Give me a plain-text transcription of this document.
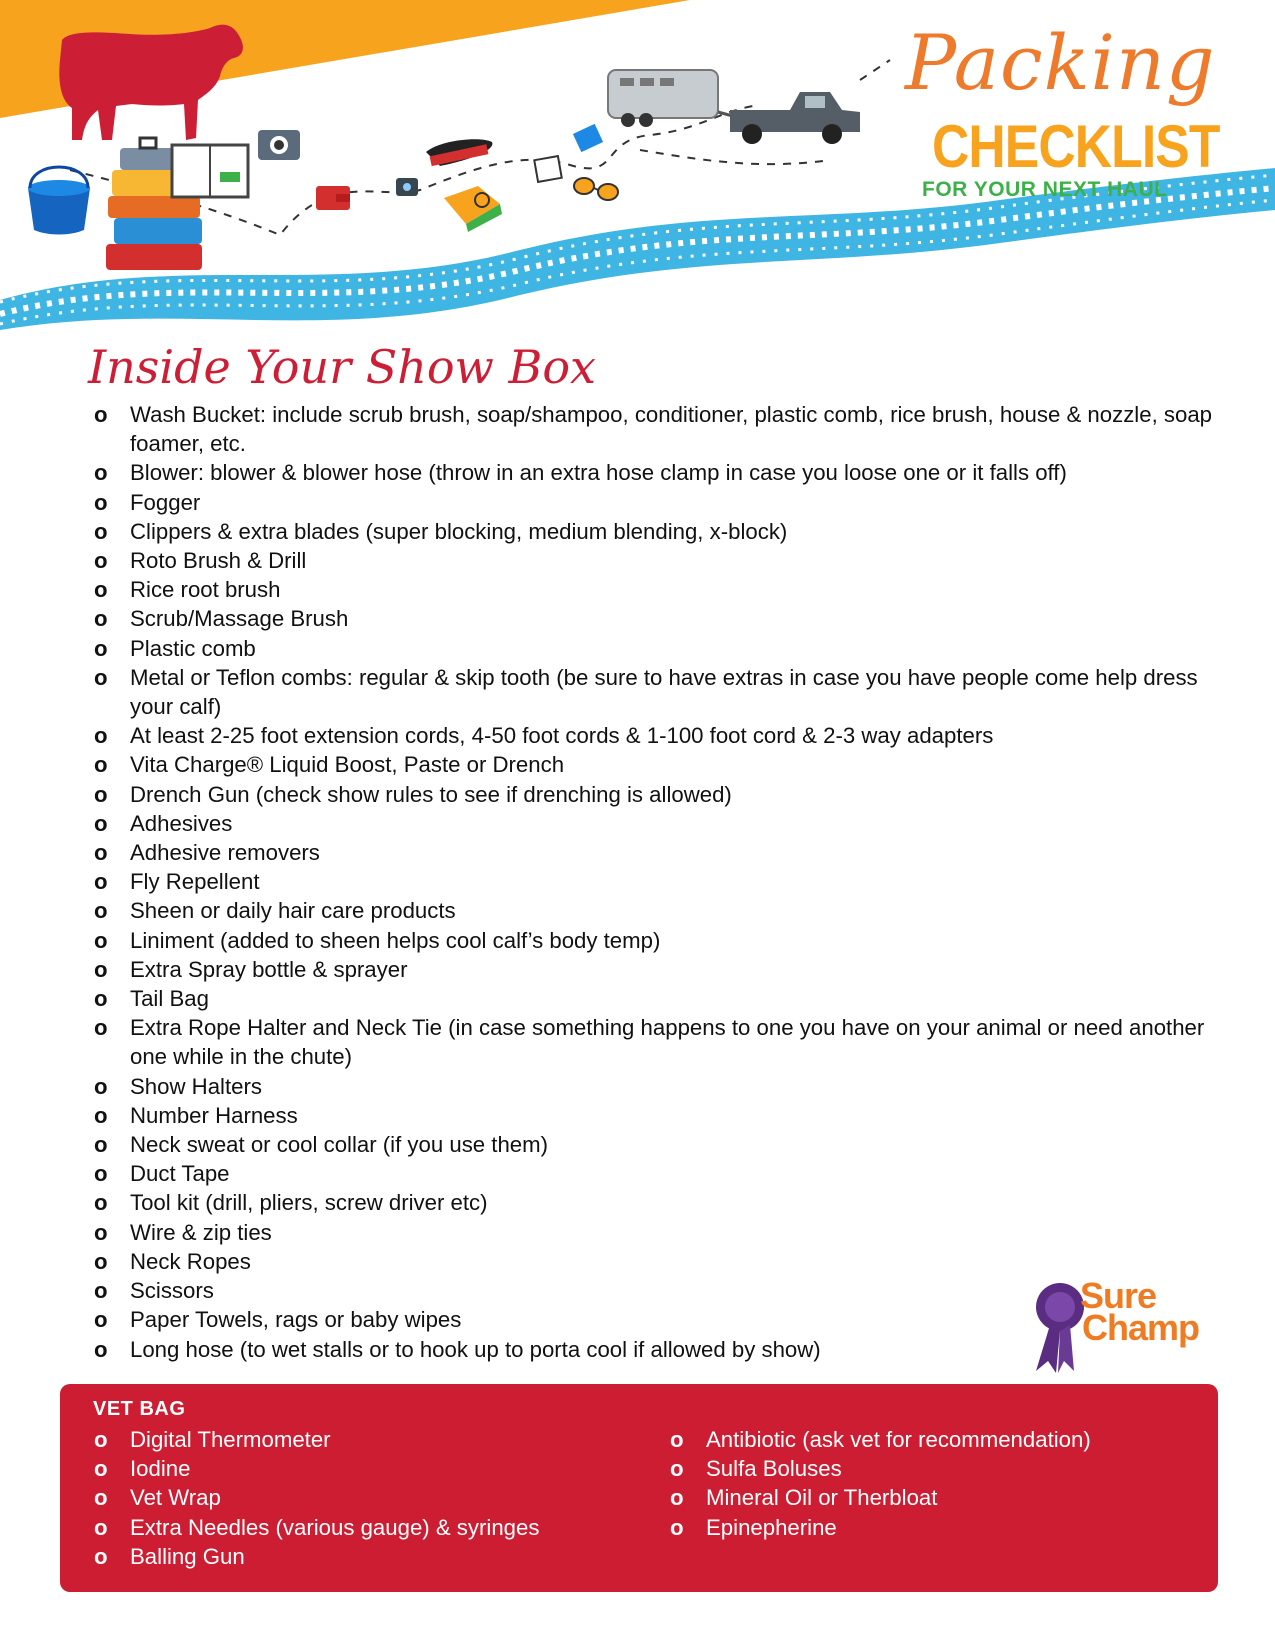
Packing
CHECKLIST
FOR YOUR NEXT HAUL
Inside Your Show Box
o Wash Bucket: include scrub brush, soap/shampoo, conditioner, plastic comb, rice brush, house & nozzle, soap foamer, etc.
o Blower: blower & blower hose (throw in an extra hose clamp in case you loose one or it falls off)
o Fogger
o Clippers & extra blades (super blocking, medium blending, x-block)
o Roto Brush & Drill
o Rice root brush
o Scrub/Massage Brush
o Plastic comb
o Metal or Teflon combs: regular & skip tooth (be sure to have extras in case you have people come help dress your calf)
o At least 2-25 foot extension cords, 4-50 foot cords & 1-100 foot cord & 2-3 way adapters
o Vita Charge® Liquid Boost, Paste or Drench
o Drench Gun (check show rules to see if drenching is allowed)
o Adhesives
o Adhesive removers
o Fly Repellent
o Sheen or daily hair care products
o Liniment (added to sheen helps cool calf’s body temp)
o Extra Spray bottle & sprayer
o Tail Bag
o Extra Rope Halter and Neck Tie (in case something happens to one you have on your animal or need another one while in the chute)
o Show Halters
o Number Harness
o Neck sweat or cool collar (if you use them)
o Duct Tape
o Tool kit (drill, pliers, screw driver etc)
o Wire & zip ties
o Neck Ropes
o Scissors
o Paper Towels, rags or baby wipes
o Long hose (to wet stalls or to hook up to porta cool if allowed by show)
Sure
Champ
VET BAG
o Digital Thermometer
o Iodine
o Vet Wrap
o Extra Needles (various gauge) & syringes
o Balling Gun
o Antibiotic (ask vet for recommendation)
o Sulfa Boluses
o Mineral Oil or Therbloat
o Epinepherine
